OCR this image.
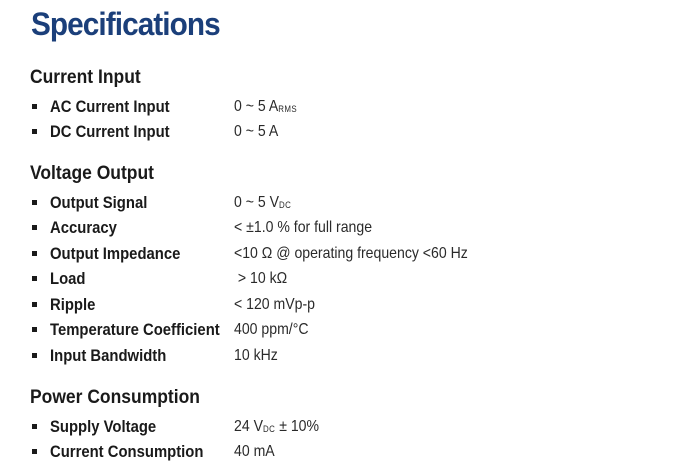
Specifications
Current Input
AC Current Input	0 ~ 5 $A_{RMS}$
DC Current Input	0 ~ 5 A
Voltage Output
Output Signal	0 ~ 5 $V_{DC}$
Accuracy	< ±1.0 % for full range
Output Impedance	<10 Ω @ operating frequency <60 Hz
Load	> 10 kΩ
Ripple	< 120 mVp-p
Temperature Coefficient 400 ppm/°C
Input Bandwidth	10 kHz
Power Consumption
Supply Voltage	24 $V_{DC} \pm 10\%$
Current Consumption 40 mA
